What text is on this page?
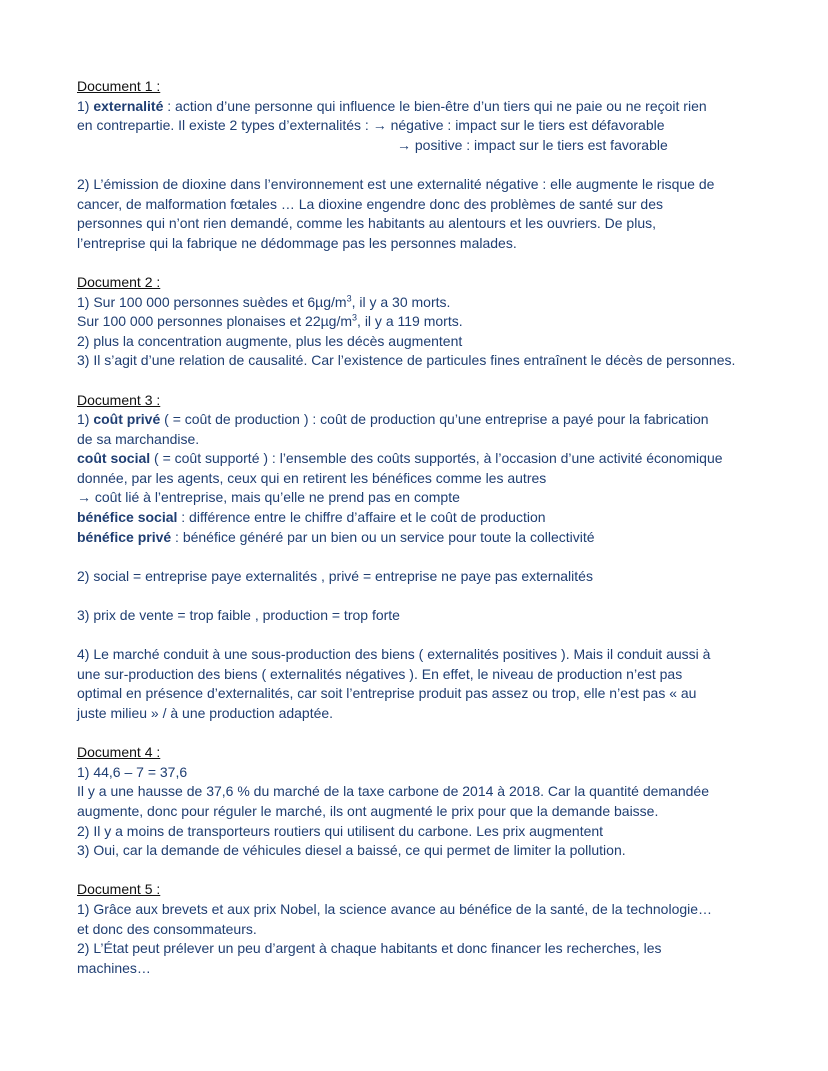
Document 1 :
1) externalité : action d’une personne qui influence le bien-être d’un tiers qui ne paie ou ne reçoit rien
en contrepartie. Il existe 2 types d’externalités : → négative : impact sur le tiers est défavorable
→ positive : impact sur le tiers est favorable
2) L’émission de dioxine dans l’environnement est une externalité négative : elle augmente le risque de
cancer, de malformation fœtales … La dioxine engendre donc des problèmes de santé sur des
personnes qui n’ont rien demandé, comme les habitants au alentours et les ouvriers. De plus,
l’entreprise qui la fabrique ne dédommage pas les personnes malades.
Document 2 :
1) Sur 100 000 personnes suèdes et $6\mu g/m^3$, il y a 30 morts.
Sur 100 000 personnes plonaises et $22\mu g/m^3$, il y a 119 morts.
2) plus la concentration augmente, plus les décès augmentent
3) Il s’agit d’une relation de causalité. Car l’existence de particules fines entraînent le décès de personnes.
Document 3 :
1) coût privé ( = coût de production ) : coût de production qu’une entreprise a payé pour la fabrication
de sa marchandise.
coût social ( = coût supporté ) : l’ensemble des coûts supportés, à l’occasion d’une activité économique
donnée, par les agents, ceux qui en retirent les bénéfices comme les autres
→ coût lié à l’entreprise, mais qu’elle ne prend pas en compte
bénéfice social : différence entre le chiffre d’affaire et le coût de production
bénéfice privé : bénéfice généré par un bien ou un service pour toute la collectivité
2) social = entreprise paye externalités , privé = entreprise ne paye pas externalités
3) prix de vente = trop faible , production = trop forte
4) Le marché conduit à une sous-production des biens ( externalités positives ). Mais il conduit aussi à
une sur-production des biens ( externalités négatives ). En effet, le niveau de production n’est pas
optimal en présence d’externalités, car soit l’entreprise produit pas assez ou trop, elle n’est pas « au
juste milieu » / à une production adaptée.
Document 4 :
1) 44,6 – 7 = 37,6
Il y a une hausse de 37,6 % du marché de la taxe carbone de 2014 à 2018. Car la quantité demandée
augmente, donc pour réguler le marché, ils ont augmenté le prix pour que la demande baisse.
2) Il y a moins de transporteurs routiers qui utilisent du carbone. Les prix augmentent
3) Oui, car la demande de véhicules diesel a baissé, ce qui permet de limiter la pollution.
Document 5 :
1) Grâce aux brevets et aux prix Nobel, la science avance au bénéfice de la santé, de la technologie…
et donc des consommateurs.
2) L’État peut prélever un peu d’argent à chaque habitants et donc financer les recherches, les
machines…
